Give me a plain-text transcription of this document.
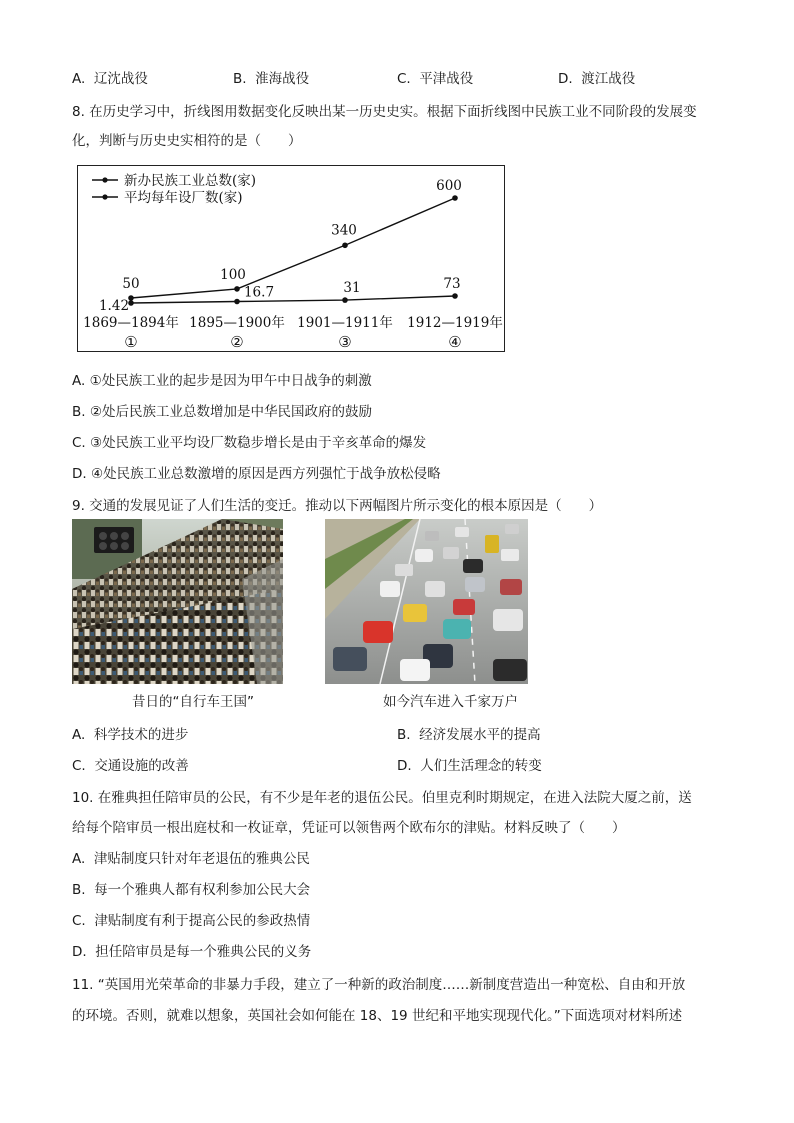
A. 辽沈战役	B. 淮海战役	C. 平津战役	D. 渡江战役
8. 在历史学习中，折线图用数据变化反映出某一历史史实。根据下面折线图中民族工业不同阶段的发展变
化，判断与历史史实相符的是（　　）
新办民族工业总数(家)
平均每年设厂数(家)
50
100
340
600
1.42
16.7	31	73
1869—1894年
①
1895—1900年
②
1901—1911年
③
1912—1919年
④
A. ①处民族工业的起步是因为甲午中日战争的刺激
B. ②处后民族工业总数增加是中华民国政府的鼓励
C. ③处民族工业平均设厂数稳步增长是由于辛亥革命的爆发
D. ④处民族工业总数激增的原因是西方列强忙于战争放松侵略
9. 交通的发展见证了人们生活的变迁。推动以下两幅图片所示变化的根本原因是（　　）
昔日的“自行车王国”	如今汽车进入千家万户
A. 科学技术的进步	B. 经济发展水平的提高
C. 交通设施的改善	D. 人们生活理念的转变
10. 在雅典担任陪审员的公民，有不少是年老的退伍公民。伯里克利时期规定，在进入法院大厦之前，送
给每个陪审员一根出庭杖和一枚证章，凭证可以领售两个欧布尔的津贴。材料反映了（　　）
A. 津贴制度只针对年老退伍的雅典公民
B. 每一个雅典人都有权利参加公民大会
C. 津贴制度有利于提高公民的参政热情
D. 担任陪审员是每一个雅典公民的义务
11. “英国用光荣革命的非暴力手段，建立了一种新的政治制度……新制度营造出一种宽松、自由和开放
的环境。否则，就难以想象，英国社会如何能在 18、19 世纪和平地实现现代化。”下面选项对材料所述
